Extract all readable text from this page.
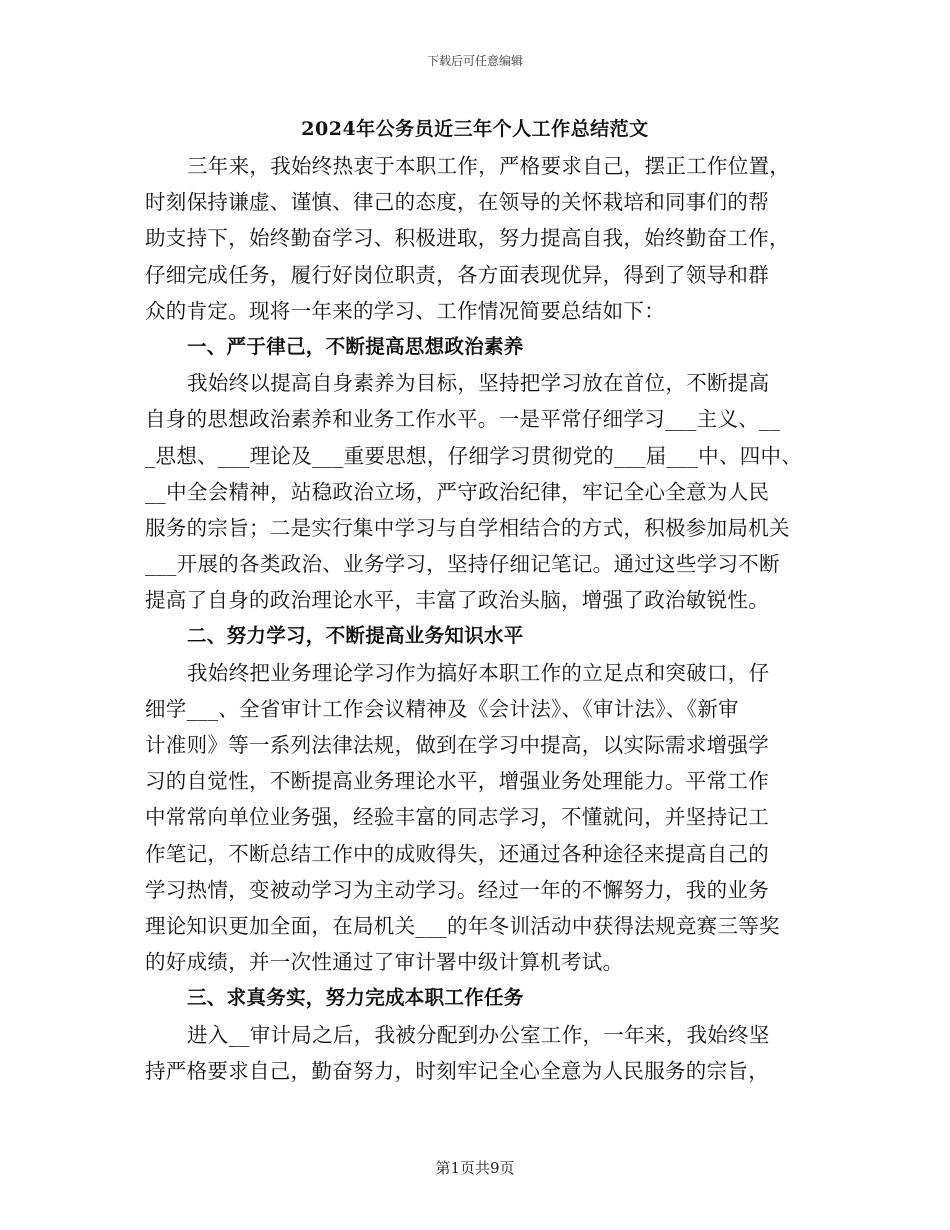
下载后可任意编辑
2024年公务员近三年个人工作总结范文
三年来，我始终热衷于本职工作，严格要求自己，摆正工作位置，
时刻保持谦虚、谨慎、律己的态度，在领导的关怀栽培和同事们的帮
助支持下，始终勤奋学习、积极进取，努力提高自我，始终勤奋工作，
仔细完成任务，履行好岗位职责，各方面表现优异，得到了领导和群
众的肯定。现将一年来的学习、工作情况简要总结如下：
一、严于律己，不断提高思想政治素养
我始终以提高自身素养为目标，坚持把学习放在首位，不断提高
自身的思想政治素养和业务工作水平。一是平常仔细学习___主义、__
_思想、___理论及___重要思想，仔细学习贯彻党的___届___中、四中、
__中全会精神，站稳政治立场，严守政治纪律，牢记全心全意为人民
服务的宗旨；二是实行集中学习与自学相结合的方式，积极参加局机关
___开展的各类政治、业务学习，坚持仔细记笔记。通过这些学习不断
提高了自身的政治理论水平，丰富了政治头脑，增强了政治敏锐性。
二、努力学习，不断提高业务知识水平
我始终把业务理论学习作为搞好本职工作的立足点和突破口，仔
细学___、全省审计工作会议精神及《会计法》、《审计法》、《新审
计准则》等一系列法律法规，做到在学习中提高，以实际需求增强学
习的自觉性，不断提高业务理论水平，增强业务处理能力。平常工作
中常常向单位业务强，经验丰富的同志学习，不懂就问，并坚持记工
作笔记，不断总结工作中的成败得失，还通过各种途径来提高自己的
学习热情，变被动学习为主动学习。经过一年的不懈努力，我的业务
理论知识更加全面，在局机关___的年冬训活动中获得法规竞赛三等奖
的好成绩，并一次性通过了审计署中级计算机考试。
三、求真务实，努力完成本职工作任务
进入__审计局之后，我被分配到办公室工作，一年来，我始终坚
持严格要求自己，勤奋努力，时刻牢记全心全意为人民服务的宗旨，
第1页共9页
